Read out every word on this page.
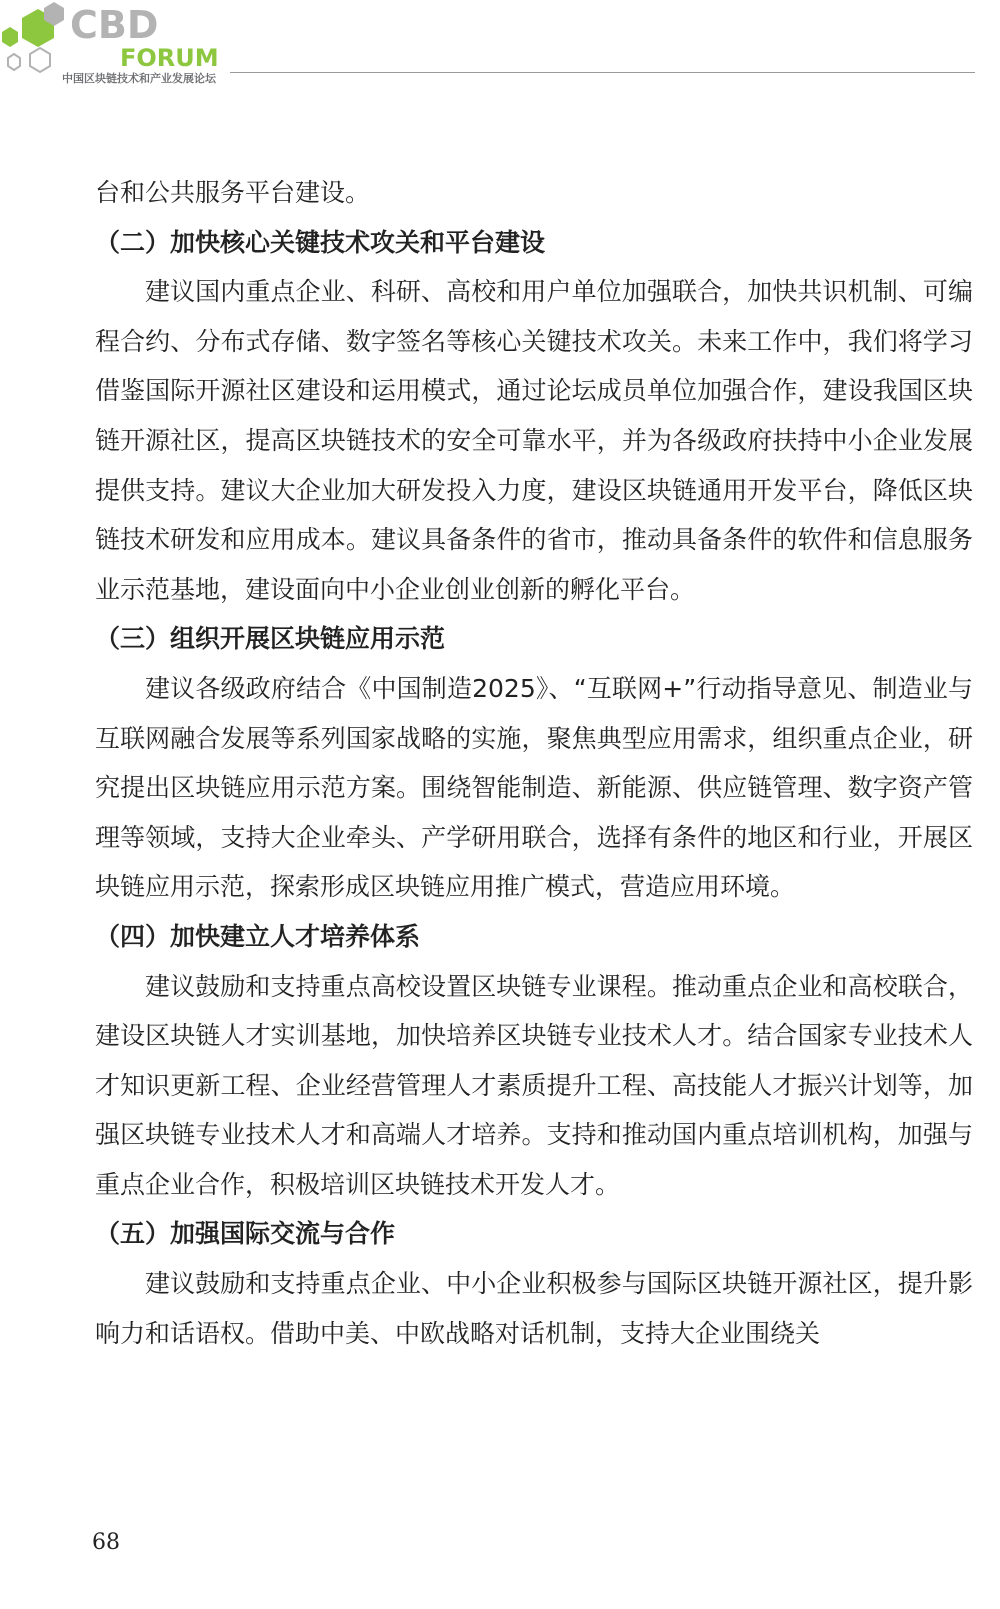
CBD
FORUM
中国区块链技术和产业发展论坛

台和公共服务平台建设。

（二）加快核心关键技术攻关和平台建设

建议国内重点企业、科研、高校和用户单位加强联合，加快共识机制、可编程合约、分布式存储、数字签名等核心关键技术攻关。未来工作中，我们将学习借鉴国际开源社区建设和运用模式，通过论坛成员单位加强合作，建设我国区块链开源社区，提高区块链技术的安全可靠水平，并为各级政府扶持中小企业发展提供支持。建议大企业加大研发投入力度，建设区块链通用开发平台，降低区块链技术研发和应用成本。建议具备条件的省市，推动具备条件的软件和信息服务业示范基地，建设面向中小企业创业创新的孵化平台。

（三）组织开展区块链应用示范

建议各级政府结合《中国制造2025》、“互联网+”行动指导意见、制造业与互联网融合发展等系列国家战略的实施，聚焦典型应用需求，组织重点企业，研究提出区块链应用示范方案。围绕智能制造、新能源、供应链管理、数字资产管理等领域，支持大企业牵头、产学研用联合，选择有条件的地区和行业，开展区块链应用示范，探索形成区块链应用推广模式，营造应用环境。

（四）加快建立人才培养体系

建议鼓励和支持重点高校设置区块链专业课程。推动重点企业和高校联合，建设区块链人才实训基地，加快培养区块链专业技术人才。结合国家专业技术人才知识更新工程、企业经营管理人才素质提升工程、高技能人才振兴计划等，加强区块链专业技术人才和高端人才培养。支持和推动国内重点培训机构，加强与重点企业合作，积极培训区块链技术开发人才。

（五）加强国际交流与合作

建议鼓励和支持重点企业、中小企业积极参与国际区块链开源社区，提升影响力和话语权。借助中美、中欧战略对话机制，支持大企业围绕关

68
